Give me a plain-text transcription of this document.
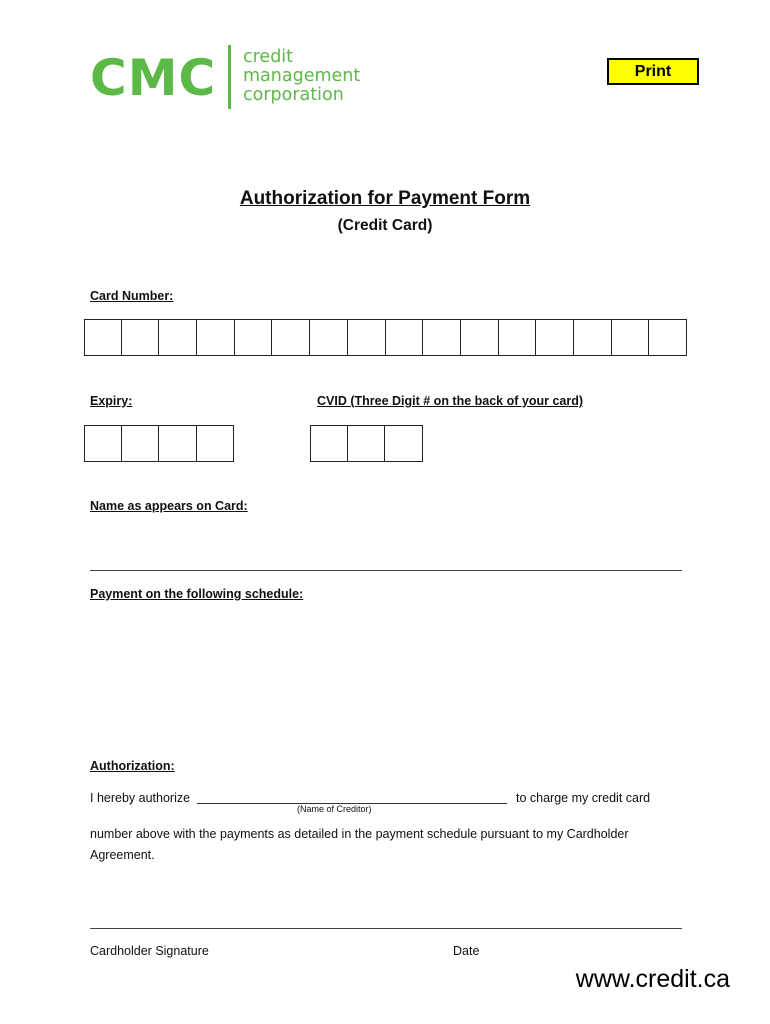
CMC credit
management
corporation
Print
Authorization for Payment Form
(Credit Card)
Card Number:
Expiry:	CVID (Three Digit # on the back of your card)
Name as appears on Card:
Payment on the following schedule:
Authorization:
I hereby authorize
(Name of Creditor)
to charge my credit card
number above with the payments as detailed in the payment schedule pursuant to my Cardholder Agreement.
Cardholder Signature	Date
www.credit.ca
